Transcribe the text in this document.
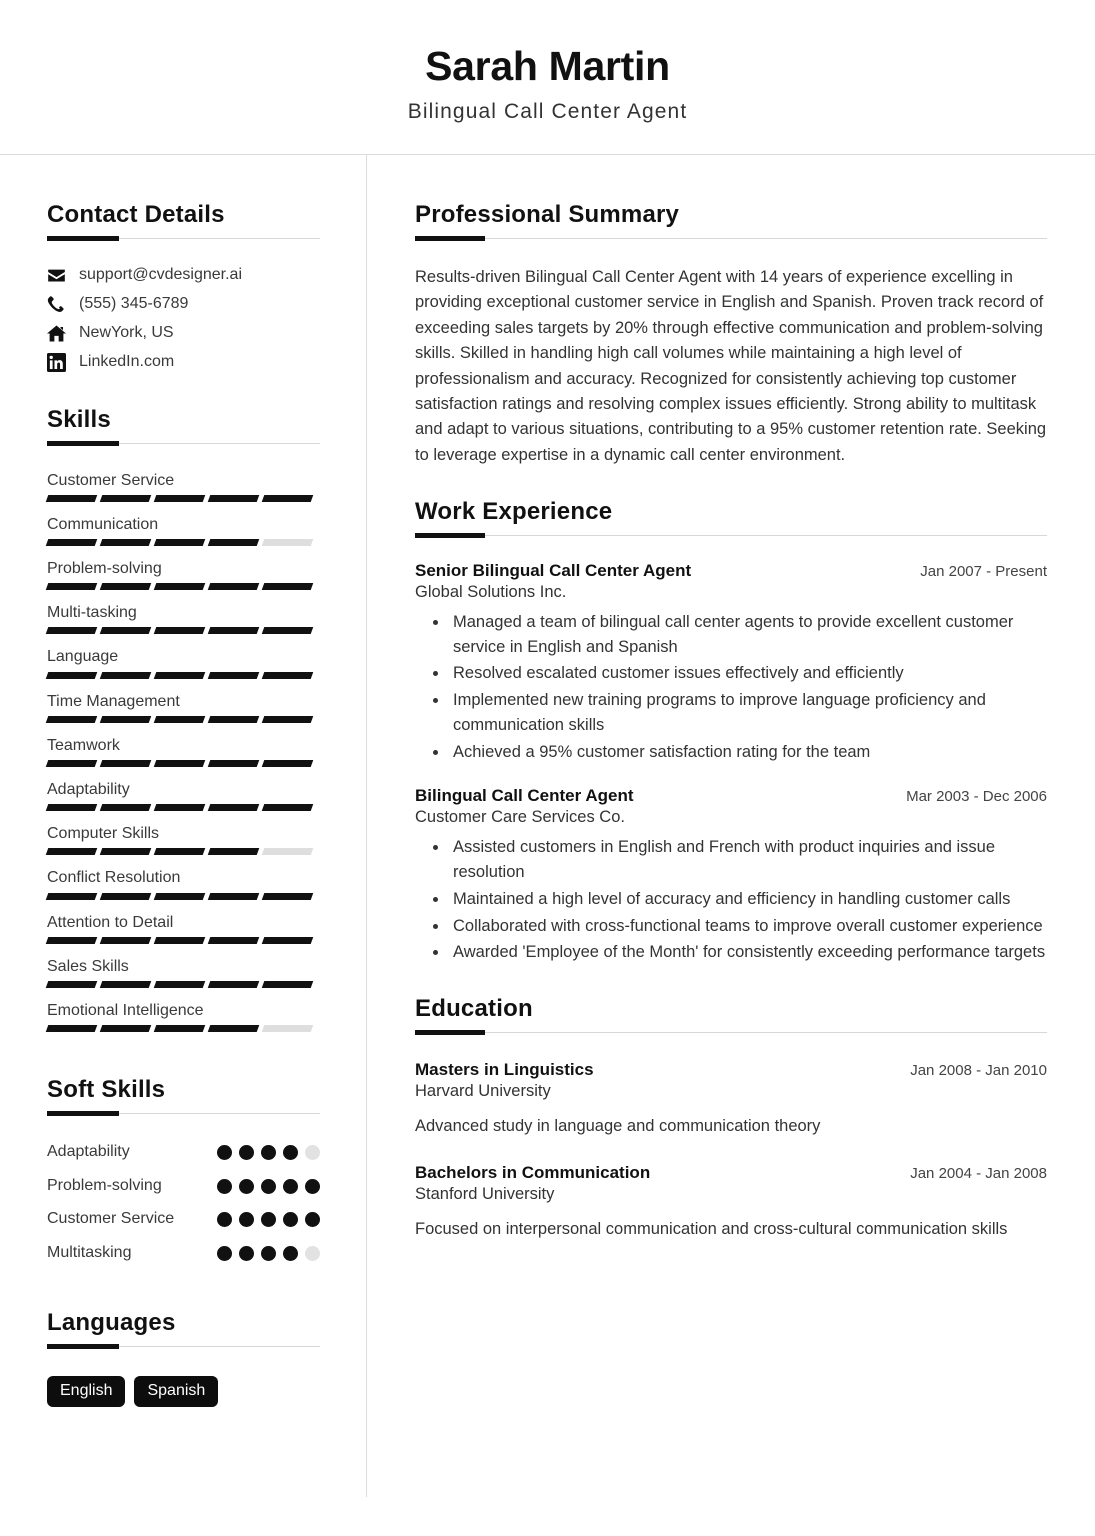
Sarah Martin
Bilingual Call Center Agent
Contact Details
support@cvdesigner.ai
(555) 345-6789
NewYork, US
LinkedIn.com
Skills
Customer Service
Communication
Problem-solving
Multi-tasking
Language
Time Management
Teamwork
Adaptability
Computer Skills
Conflict Resolution
Attention to Detail
Sales Skills
Emotional Intelligence
Soft Skills
Adaptability
Problem-solving
Customer Service
Multitasking
Languages
English	Spanish
Professional Summary

Results-driven Bilingual Call Center Agent with 14 years of experience excelling in providing exceptional customer service in English and Spanish. Proven track record of exceeding sales targets by 20% through effective communication and problem-solving skills. Skilled in handling high call volumes while maintaining a high level of professionalism and accuracy. Recognized for consistently achieving top customer satisfaction ratings and resolving complex issues efficiently. Strong ability to multitask and adapt to various situations, contributing to a 95% customer retention rate. Seeking to leverage expertise in a dynamic call center environment.

Work Experience
Senior Bilingual Call Center Agent	Jan 2007 - Present
Global Solutions Inc.
• Managed a team of bilingual call center agents to provide excellent customer service in English and Spanish
• Resolved escalated customer issues effectively and efficiently
• Implemented new training programs to improve language proficiency and communication skills
• Achieved a 95% customer satisfaction rating for the team
Bilingual Call Center Agent	Mar 2003 - Dec 2006
Customer Care Services Co.
• Assisted customers in English and French with product inquiries and issue resolution
• Maintained a high level of accuracy and efficiency in handling customer calls
• Collaborated with cross-functional teams to improve overall customer experience
• Awarded 'Employee of the Month' for consistently exceeding performance targets
Education
Masters in Linguistics	Jan 2008 - Jan 2010
Harvard University
Advanced study in language and communication theory
Bachelors in Communication	Jan 2004 - Jan 2008
Stanford University
Focused on interpersonal communication and cross-cultural communication skills
